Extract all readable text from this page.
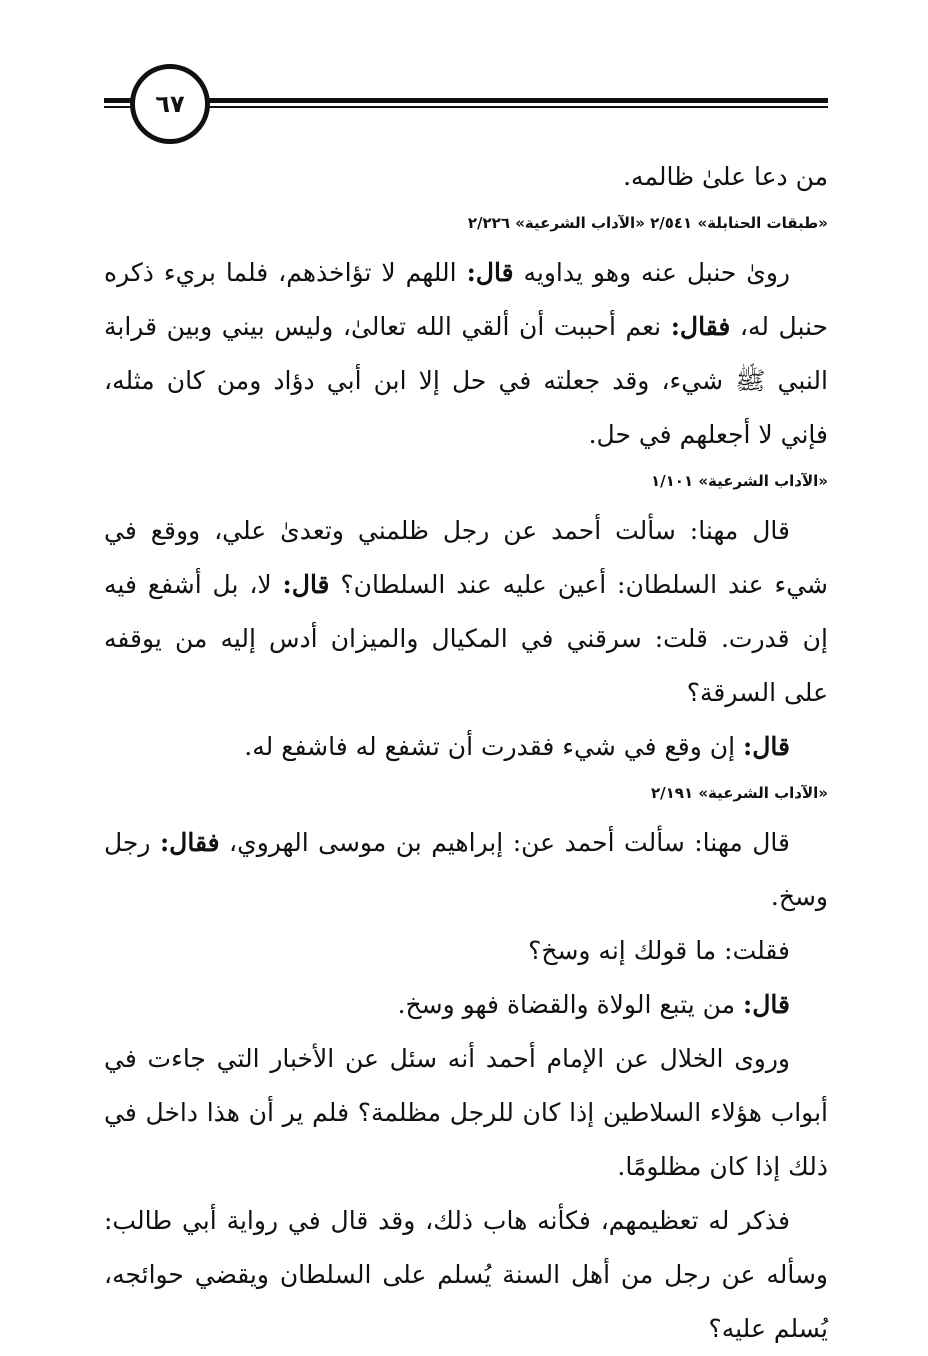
٦٧
من دعا علىٰ ظالمه.
«طبقات الحنابلة» ٢/٥٤١ «الآداب الشرعية» ٢/٢٢٦
رویٰ حنبل عنه وهو يداويه قال: اللهم لا تؤاخذهم، فلما بريء ذكره حنبل له، فقال: نعم أحببت أن ألقي الله تعالىٰ، وليس بيني وبين قرابة النبي ﷺ شيء، وقد جعلته في حل إلا ابن أبي دؤاد ومن كان مثله، فإني لا أجعلهم في حل.
«الآداب الشرعية» ١/١٠١
قال مهنا: سألت أحمد عن رجل ظلمني وتعدىٰ علي، ووقع في شيء عند السلطان: أعين عليه عند السلطان؟ قال: لا، بل أشفع فيه إن قدرت. قلت: سرقني في المكيال والميزان أدس إليه من يوقفه على السرقة؟
قال: إن وقع في شيء فقدرت أن تشفع له فاشفع له.
«الآداب الشرعية» ٢/١٩١
قال مهنا: سألت أحمد عن: إبراهيم بن موسى الهروي، فقال: رجل وسخ.
فقلت: ما قولك إنه وسخ؟
قال: من يتبع الولاة والقضاة فهو وسخ.
وروى الخلال عن الإمام أحمد أنه سئل عن الأخبار التي جاءت في أبواب هؤلاء السلاطين إذا كان للرجل مظلمة؟ فلم ير أن هذا داخل في ذلك إذا كان مظلومًا.
فذكر له تعظيمهم، فكأنه هاب ذلك، وقد قال في رواية أبي طالب: وسأله عن رجل من أهل السنة يُسلم على السلطان ويقضي حوائجه، يُسلم عليه؟
